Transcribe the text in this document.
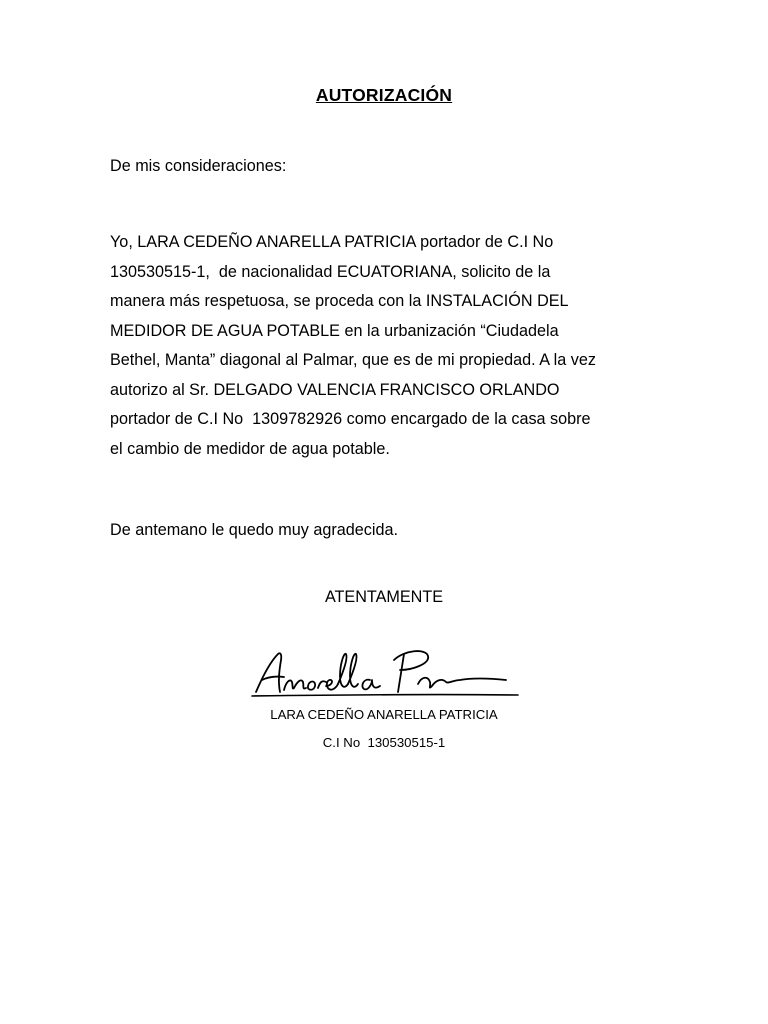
AUTORIZACIÓN
De mis consideraciones:
Yo, LARA CEDEÑO ANARELLA PATRICIA portador de C.I No
130530515-1,  de nacionalidad ECUATORIANA, solicito de la
manera más respetuosa, se proceda con la INSTALACIÓN DEL
MEDIDOR DE AGUA POTABLE en la urbanización “Ciudadela
Bethel, Manta” diagonal al Palmar, que es de mi propiedad. A la vez
autorizo al Sr. DELGADO VALENCIA FRANCISCO ORLANDO
portador de C.I No  1309782926 como encargado de la casa sobre
el cambio de medidor de agua potable.
De antemano le quedo muy agradecida.
ATENTAMENTE
Anarella Pa
LARA CEDEÑO ANARELLA PATRICIA
C.I No  130530515-1
